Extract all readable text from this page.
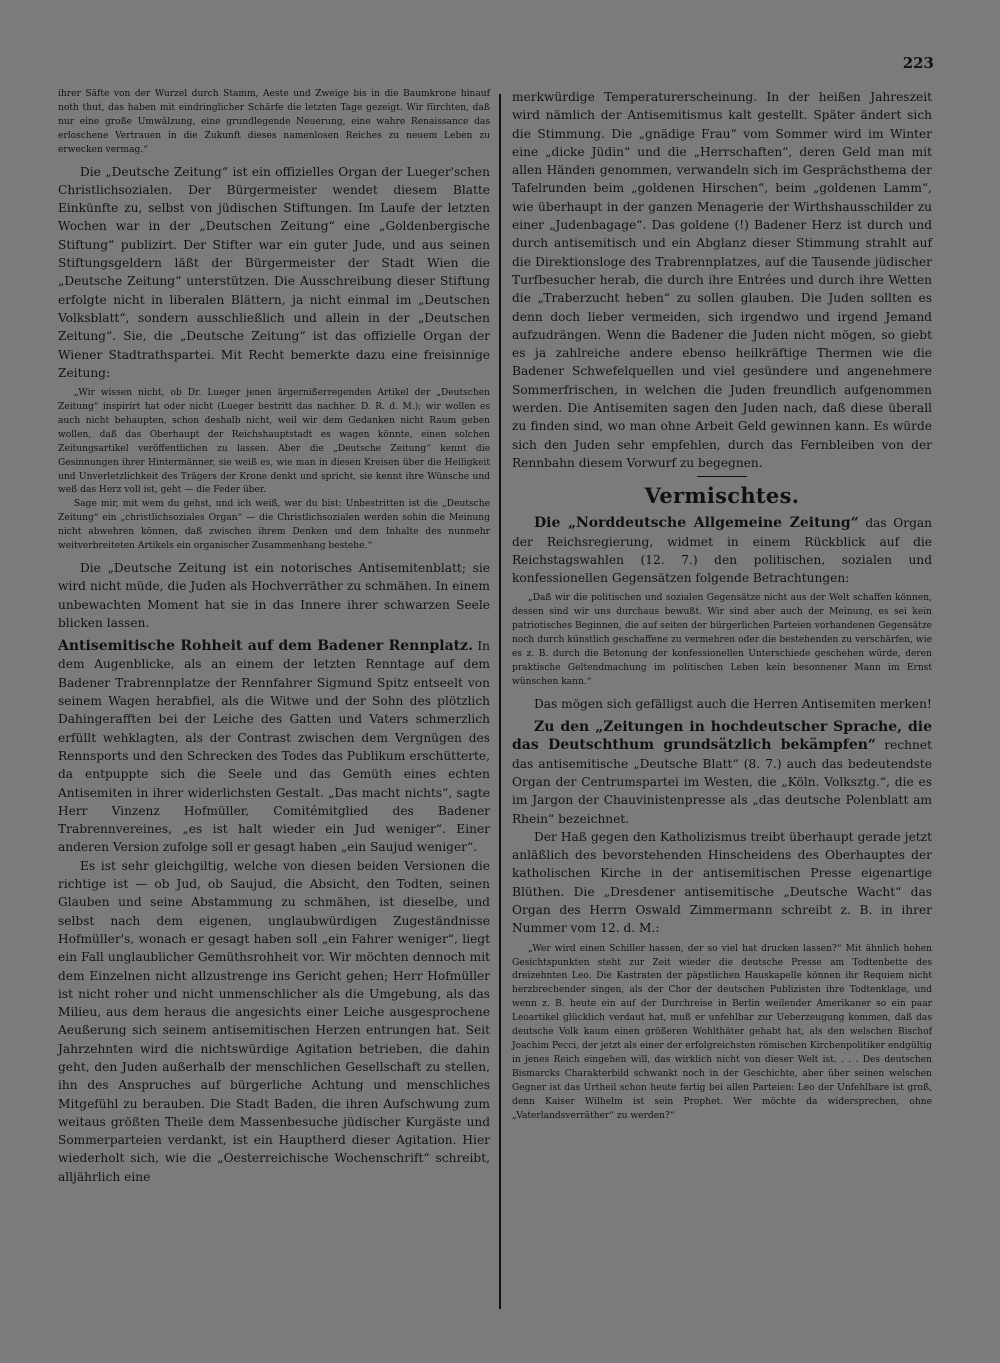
223

ihrer Säfte von der Wurzel durch Stamm, Aeste und Zweige bis in die Baumkrone hinauf noth thut, das haben mit eindringlicher Schärfe die letzten Tage gezeigt. Wir fürchten, daß nur eine große Umwälzung, eine grundlegende Neuerung, eine wahre Renaissance das erloschene Vertrauen in die Zukunft dieses namenlosen Reiches zu neuem Leben zu erwecken vermag.“

Die „Deutsche Zeitung“ ist ein offizielles Organ der Lueger'schen Christlichsozialen. Der Bürgermeister wendet diesem Blatte Einkünfte zu, selbst von jüdischen Stiftungen. Im Laufe der letzten Wochen war in der „Deutschen Zeitung“ eine „Goldenbergische Stiftung“ publizirt. Der Stifter war ein guter Jude, und aus seinen Stiftungsgeldern läßt der Bürgermeister der Stadt Wien die „Deutsche Zeitung“ unterstützen. Die Ausschreibung dieser Stiftung erfolgte nicht in liberalen Blättern, ja nicht einmal im „Deutschen Volksblatt“, sondern ausschließlich und allein in der „Deutschen Zeitung“. Sie, die „Deutsche Zeitung“ ist das offizielle Organ der Wiener Stadtrathspartei. Mit Recht bemerkte dazu eine freisinnige Zeitung:

„Wir wissen nicht, ob Dr. Lueger jenen ärgernißerregenden Artikel der „Deutschen Zeitung“ inspirirt hat oder nicht (Lueger bestritt das nachher. D. R. d. M.); wir wollen es auch nicht behaupten, schon deshalb nicht, weil wir dem Gedanken nicht Raum geben wollen, daß das Oberhaupt der Reichshauptstadt es wagen könnte, einen solchen Zeitungsartikel veröffentlichen zu lassen. Aber die „Deutsche Zeitung“ kennt die Gesinnungen ihrer Hintermänner, sie weiß es, wie man in diesen Kreisen über die Heiligkeit und Unverletzlichkeit des Trägers der Krone denkt und spricht, sie kennt ihre Wünsche und weß das Herz voll ist, geht — die Feder über.

Sage mir, mit wem du gehst, und ich weiß, wer du bist: Unbestritten ist die „Deutsche Zeitung“ ein „christlichsoziales Organ“ — die Christlichsozialen werden sohin die Meinung nicht abwehren können, daß zwischen ihrem Denken und dem Inhalte des nunmehr weitverbreiteten Artikels ein organischer Zusammenhang bestehe.“

Die „Deutsche Zeitung ist ein notorisches Antisemitenblatt; sie wird nicht müde, die Juden als Hochverräther zu schmähen. In einem unbewachten Moment hat sie in das Innere ihrer schwarzen Seele blicken lassen.

Antisemitische Rohheit auf dem Badener Rennplatz. In dem Augenblicke, als an einem der letzten Renntage auf dem Badener Trabrennplatze der Rennfahrer Sigmund Spitz entseelt von seinem Wagen herabfiel, als die Witwe und der Sohn des plötzlich Dahingerafften bei der Leiche des Gatten und Vaters schmerzlich erfüllt wehklagten, als der Contrast zwischen dem Vergnügen des Rennsports und den Schrecken des Todes das Publikum erschütterte, da entpuppte sich die Seele und das Gemüth eines echten Antisemiten in ihrer widerlichsten Gestalt. „Das macht nichts“, sagte Herr Vinzenz Hofmüller, Comitémitglied des Badener Trabrennvereines, „es ist halt wieder ein Jud weniger“. Einer anderen Version zufolge soll er gesagt haben „ein Saujud weniger“.

Es ist sehr gleichgiltig, welche von diesen beiden Versionen die richtige ist — ob Jud, ob Saujud, die Absicht, den Todten, seinen Glauben und seine Abstammung zu schmähen, ist dieselbe, und selbst nach dem eigenen, unglaubwürdigen Zugeständnisse Hofmüller's, wonach er gesagt haben soll „ein Fahrer weniger“, liegt ein Fall unglaublicher Gemüthsrohheit vor. Wir möchten dennoch mit dem Einzelnen nicht allzustrenge ins Gericht gehen; Herr Hofmüller ist nicht roher und nicht unmenschlicher als die Umgebung, als das Milieu, aus dem heraus die angesichts einer Leiche ausgesprochene Aeußerung sich seinem antisemitischen Herzen entrungen hat. Seit Jahrzehnten wird die nichtswürdige Agitation betrieben, die dahin geht, den Juden außerhalb der menschlichen Gesellschaft zu stellen, ihn des Anspruches auf bürgerliche Achtung und menschliches Mitgefühl zu berauben. Die Stadt Baden, die ihren Aufschwung zum weitaus größten Theile dem Massenbesuche jüdischer Kurgäste und Sommerparteien verdankt, ist ein Hauptherd dieser Agitation. Hier wiederholt sich, wie die „Oesterreichische Wochenschrift“ schreibt, alljährlich eine

merkwürdige Temperaturerscheinung. In der heißen Jahreszeit wird nämlich der Antisemitismus kalt gestellt. Später ändert sich die Stimmung. Die „gnädige Frau“ vom Sommer wird im Winter eine „dicke Jüdin“ und die „Herrschaften“, deren Geld man mit allen Händen genommen, verwandeln sich im Gesprächsthema der Tafelrunden beim „goldenen Hirschen“, beim „goldenen Lamm“, wie überhaupt in der ganzen Menagerie der Wirthshausschilder zu einer „Judenbagage“. Das goldene (!) Badener Herz ist durch und durch antisemitisch und ein Abglanz dieser Stimmung strahlt auf die Direktionsloge des Trabrennplatzes, auf die Tausende jüdischer Turfbesucher herab, die durch ihre Entrées und durch ihre Wetten die „Traberzucht heben“ zu sollen glauben. Die Juden sollten es denn doch lieber vermeiden, sich irgendwo und irgend Jemand aufzudrängen. Wenn die Badener die Juden nicht mögen, so giebt es ja zahlreiche andere ebenso heilkräftige Thermen wie die Badener Schwefelquellen und viel gesündere und angenehmere Sommerfrischen, in welchen die Juden freundlich aufgenommen werden. Die Antisemiten sagen den Juden nach, daß diese überall zu finden sind, wo man ohne Arbeit Geld gewinnen kann. Es würde sich den Juden sehr empfehlen, durch das Fernbleiben von der Rennbahn diesem Vorwurf zu begegnen.

Vermischtes.

Die „Norddeutsche Allgemeine Zeitung“ das Organ der Reichsregierung, widmet in einem Rückblick auf die Reichstagswahlen (12. 7.) den politischen, sozialen und konfessionellen Gegensätzen folgende Betrachtungen:

„Daß wir die politischen und sozialen Gegensätze nicht aus der Welt schaffen können, dessen sind wir uns durchaus bewußt. Wir sind aber auch der Meinung, es sei kein patriotisches Beginnen, die auf seiten der bürgerlichen Parteien vorhandenen Gegensätze noch durch künstlich geschaffene zu vermehren oder die bestehenden zu verschärfen, wie es z. B. durch die Betonung der konfessionellen Unterschiede geschehen würde, deren praktische Geltendmachung im politischen Leben kein besonnener Mann im Ernst wünschen kann.“

Das mögen sich gefälligst auch die Herren Antisemiten merken!

Zu den „Zeitungen in hochdeutscher Sprache, die das Deutschthum grundsätzlich bekämpfen“ rechnet das antisemitische „Deutsche Blatt“ (8. 7.) auch das bedeutendste Organ der Centrumspartei im Westen, die „Köln. Volksztg.“, die es im Jargon der Chauvinistenpresse als „das deutsche Polenblatt am Rhein“ bezeichnet.

Der Haß gegen den Katholizismus treibt überhaupt gerade jetzt anläßlich des bevorstehenden Hinscheidens des Oberhauptes der katholischen Kirche in der antisemitischen Presse eigenartige Blüthen. Die „Dresdener antisemitische „Deutsche Wacht“ das Organ des Herrn Oswald Zimmermann schreibt z. B. in ihrer Nummer vom 12. d. M.:

„Wer wird einen Schiller hassen, der so viel hat drucken lassen?“ Mit ähnlich hohen Gesichtspunkten steht zur Zeit wieder die deutsche Presse am Todtenbette des dreizehnten Leo. Die Kastraten der päpstlichen Hauskapelle können ihr Requiem nicht herzbrechender singen, als der Chor der deutschen Publizisten ihre Todtenklage, und wenn z. B. heute ein auf der Durchreise in Berlin weilender Amerikaner so ein paar Leoartikel glücklich verdaut hat, muß er unfehlbar zur Ueberzeugung kommen, daß das deutsche Volk kaum einen größeren Wohlthäter gehabt hat, als den welschen Bischof Joachim Pecci, der jetzt als einer der erfolgreichsten römischen Kirchenpolitiker endgültig in jenes Reich eingehen will, das wirklich nicht von dieser Welt ist. . . . Des deutschen Bismarcks Charakterbild schwankt noch in der Geschichte, aber über seinen welschen Gegner ist das Urtheil schon heute fertig bei allen Parteien: Leo der Unfehlbare ist groß, denn Kaiser Wilhelm ist sein Prophet. Wer möchte da widersprechen, ohne „Vaterlandsverräther“ zu werden?“
